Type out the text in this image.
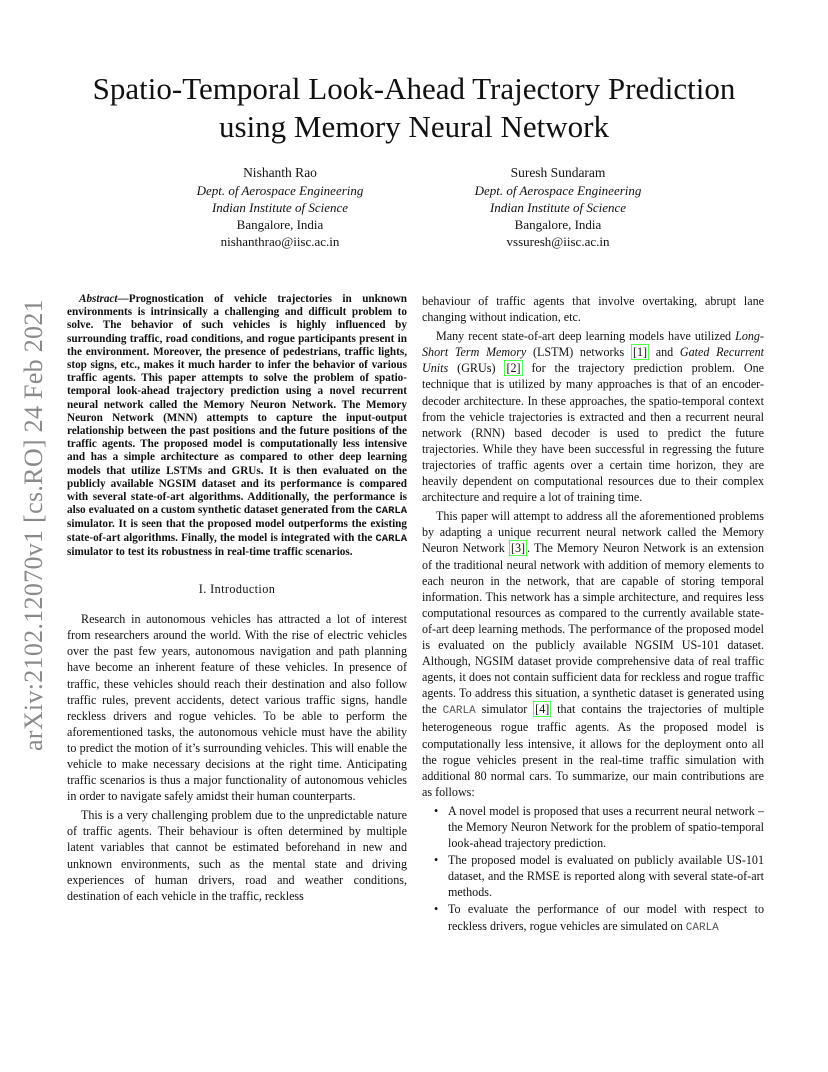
Spatio-Temporal Look-Ahead Trajectory Prediction
using Memory Neural Network
Nishanth Rao
Dept. of Aerospace Engineering
Indian Institute of Science
Bangalore, India
nishanthrao@iisc.ac.in
Suresh Sundaram
Dept. of Aerospace Engineering
Indian Institute of Science
Bangalore, India
vssuresh@iisc.ac.in
arXiv:2102.12070v1 [cs.RO] 24 Feb 2021

Abstract—Prognostication of vehicle trajectories in unknown environments is intrinsically a challenging and difficult problem to solve. The behavior of such vehicles is highly influenced by surrounding traffic, road conditions, and rogue participants present in the environment. Moreover, the presence of pedestrians, traffic lights, stop signs, etc., makes it much harder to infer the behavior of various traffic agents. This paper attempts to solve the problem of spatio-temporal look-ahead trajectory prediction using a novel recurrent neural network called the Memory Neuron Network. The Memory Neuron Network (MNN) attempts to capture the input-output relationship between the past positions and the future positions of the traffic agents. The proposed model is computationally less intensive and has a simple architecture as compared to other deep learning models that utilize LSTMs and GRUs. It is then evaluated on the publicly available NGSIM dataset and its performance is compared with several state-of-art algorithms. Additionally, the performance is also evaluated on a custom synthetic dataset generated from the CARLA simulator. It is seen that the proposed model outperforms the existing state-of-art algorithms. Finally, the model is integrated with the CARLA simulator to test its robustness in real-time traffic scenarios.

I. Introduction

Research in autonomous vehicles has attracted a lot of interest from researchers around the world. With the rise of electric vehicles over the past few years, autonomous navigation and path planning have become an inherent feature of these vehicles. In presence of traffic, these vehicles should reach their destination and also follow traffic rules, prevent accidents, detect various traffic signs, handle reckless drivers and rogue vehicles. To be able to perform the aforementioned tasks, the autonomous vehicle must have the ability to predict the motion of it’s surrounding vehicles. This will enable the vehicle to make necessary decisions at the right time. Anticipating traffic scenarios is thus a major functionality of autonomous vehicles in order to navigate safely amidst their human counterparts.

This is a very challenging problem due to the unpredictable nature of traffic agents. Their behaviour is often determined by multiple latent variables that cannot be estimated beforehand in new and unknown environments, such as the mental state and driving experiences of human drivers, road and weather conditions, destination of each vehicle in the traffic, reckless

behaviour of traffic agents that involve overtaking, abrupt lane changing without indication, etc.

Many recent state-of-art deep learning models have utilized Long-Short Term Memory (LSTM) networks [1] and Gated Recurrent Units (GRUs) [2] for the trajectory prediction problem. One technique that is utilized by many approaches is that of an encoder-decoder architecture. In these approaches, the spatio-temporal context from the vehicle trajectories is extracted and then a recurrent neural network (RNN) based decoder is used to predict the future trajectories. While they have been successful in regressing the future trajectories of traffic agents over a certain time horizon, they are heavily dependent on computational resources due to their complex architecture and require a lot of training time.

This paper will attempt to address all the aforementioned problems by adapting a unique recurrent neural network called the Memory Neuron Network [3] . The Memory Neuron Network is an extension of the traditional neural network with addition of memory elements to each neuron in the network, that are capable of storing temporal information. This network has a simple architecture, and requires less computational resources as compared to the currently available state-of-art deep learning methods. The performance of the proposed model is evaluated on the publicly available NGSIM US-101 dataset. Although, NGSIM dataset provide comprehensive data of real traffic agents, it does not contain sufficient data for reckless and rogue traffic agents. To address this situation, a synthetic dataset is generated using the CARLA simulator [4] that contains the trajectories of multiple heterogeneous rogue traffic agents. As the proposed model is computationally less intensive, it allows for the deployment onto all the rogue vehicles present in the real-time traffic simulation with additional 80 normal cars. To summarize, our main contributions are as follows:

• A novel model is proposed that uses a recurrent neural network – the Memory Neuron Network for the problem of spatio-temporal look-ahead trajectory prediction.
• The proposed model is evaluated on publicly available US-101 dataset, and the RMSE is reported along with several state-of-art methods.
• To evaluate the performance of our model with respect to reckless drivers, rogue vehicles are simulated on CARLA
